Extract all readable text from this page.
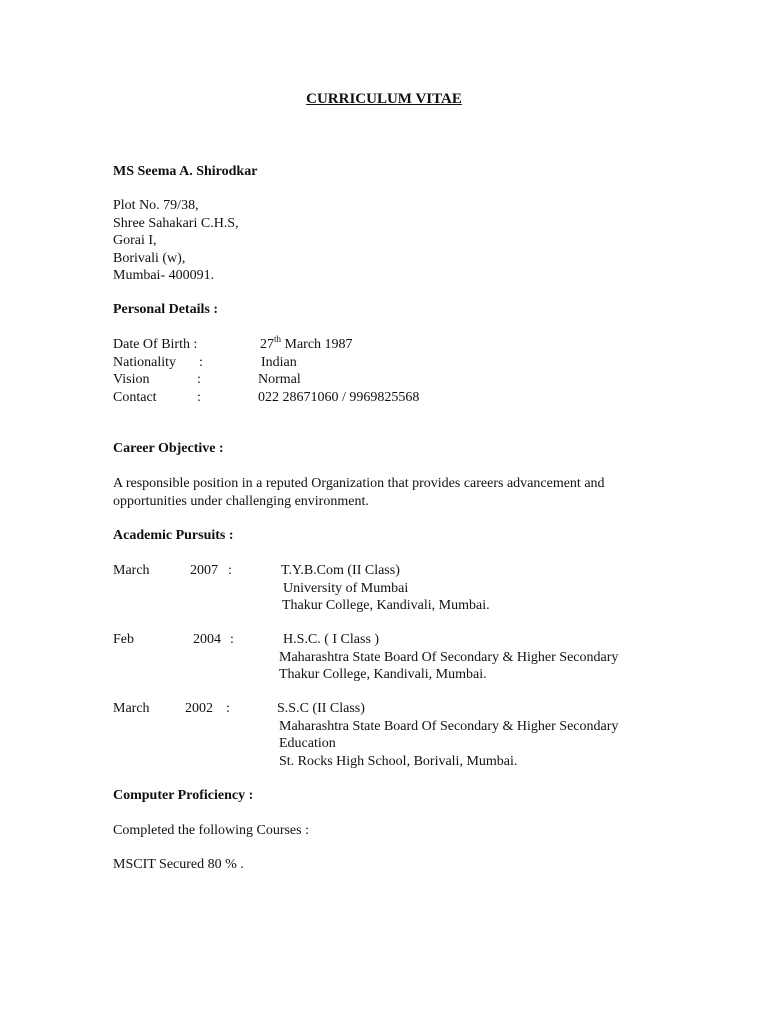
CURRICULUM VITAE
MS Seema A. Shirodkar
Plot No. 79/38,
Shree Sahakari C.H.S,
Gorai I,
Borivali (w),
Mumbai- 400091.
Personal Details :
Date Of Birth :	27th March 1987
Nationality :	Indian
Vision	:	Normal
Contact	:	022 28671060 / 9969825568
Career Objective :
A responsible position in a reputed Organization that provides careers advancement and
opportunities under challenging environment.
Academic Pursuits :
March	2007 :	T.Y.B.Com (II Class)
University of Mumbai
Thakur College, Kandivali, Mumbai.
Feb	2004 :	H.S.C. ( I Class )
Maharashtra State Board Of Secondary & Higher Secondary
Thakur College, Kandivali, Mumbai.
March	2002 :	S.S.C (II Class)
Maharashtra State Board Of Secondary & Higher Secondary
Education
St. Rocks High School, Borivali, Mumbai.
Computer Proficiency :
Completed the following Courses :
MSCIT Secured 80 % .
